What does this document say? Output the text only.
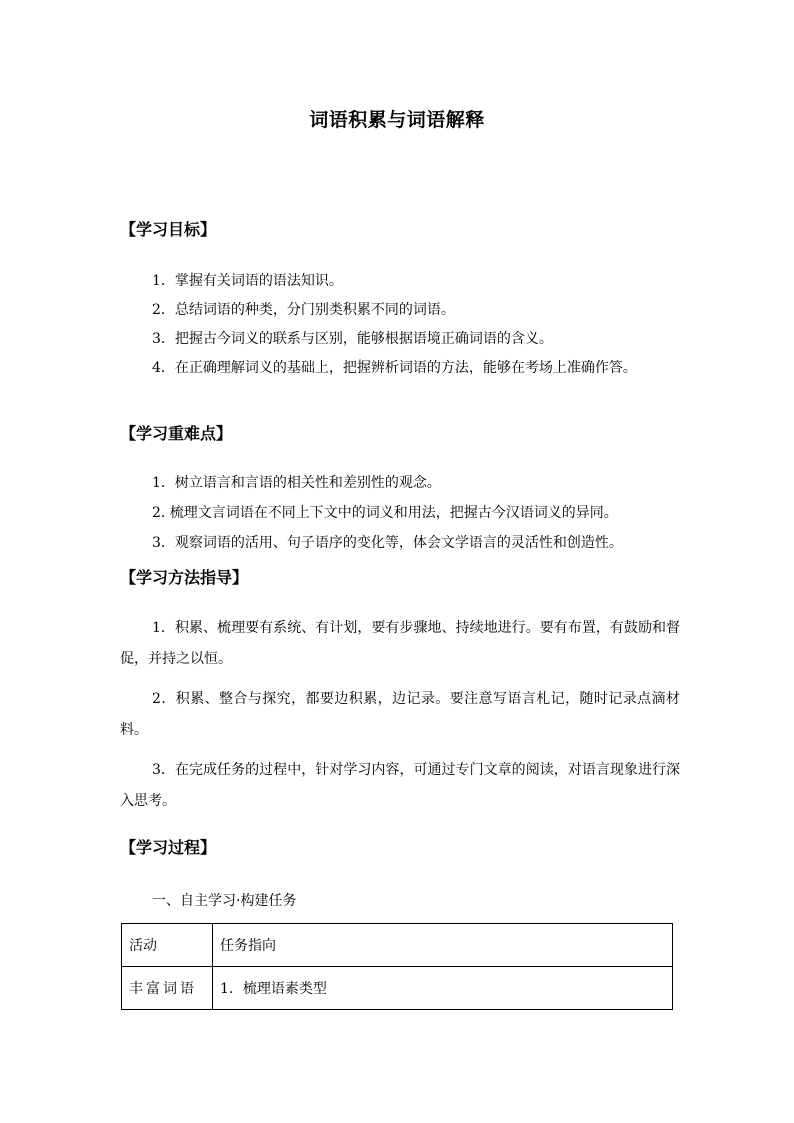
词语积累与词语解释
【学习目标】
1．掌握有关词语的语法知识。
2．总结词语的种类，分门别类积累不同的词语。
3．把握古今词义的联系与区别，能够根据语境正确词语的含义。
4．在正确理解词义的基础上，把握辨析词语的方法，能够在考场上准确作答。
【学习重难点】
1．树立语言和言语的相关性和差别性的观念。
2. 梳理文言词语在不同上下文中的词义和用法，把握古今汉语词义的异同。
3．观察词语的活用、句子语序的变化等，体会文学语言的灵活性和创造性。
【学习方法指导】
1．积累、梳理要有系统、有计划，要有步骤地、持续地进行。要有布置，有鼓励和督促，并持之以恒。
2．积累、整合与探究，都要边积累，边记录。要注意写语言札记，随时记录点滴材料。
3．在完成任务的过程中，针对学习内容，可通过专门文章的阅读，对语言现象进行深入思考。
【学习过程】
一、自主学习·构建任务
活动	任务指向
丰富词语	1．梳理语素类型
